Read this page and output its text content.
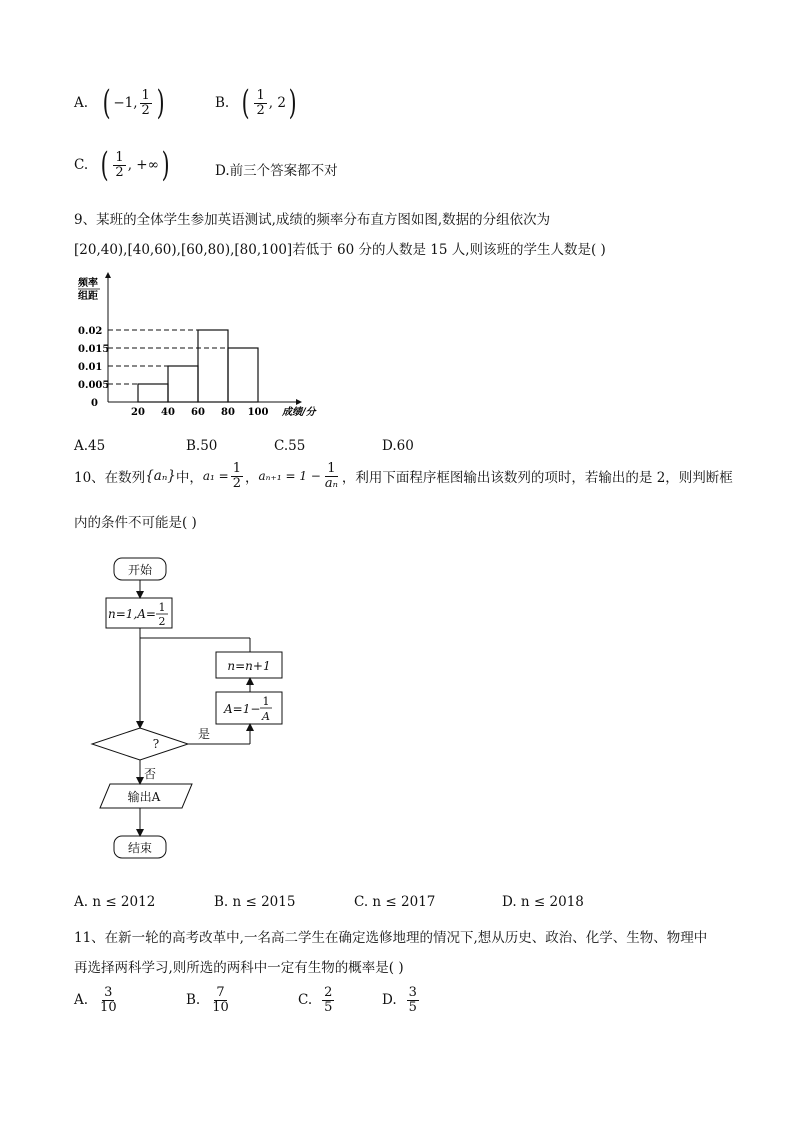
A. ( −1, $\frac{1}{2}$ )	B. ( $\frac{1}{2}$ , 2 )
C. ( $\frac{1}{2}$ , +∞ )	D.前三个答案都不对
9、某班的全体学生参加英语测试,成绩的频率分布直方图如图,数据的分组依次为
[20,40),[40,60),[60,80),[80,100]若低于 60 分的人数是 15 人,则该班的学生人数是( )
频率
组距
0
0.02
0.015
0.01
0.005
20 40 60 80 100 成绩/分
A.45	B.50	C.55	D.60
10、在数列 {aₙ} 中， $a_1 = \frac{1}{2}$ ， $a_{n+1} = 1 - \frac{1}{\text{aₙ}}$ ，利用下面程序框图输出该数列的项时，若输出的是 2，则判断框
内的条件不可能是( )
开始
n=1,A= 1
2
n=n+1
A=1−
1
A
?
是
否
输出A
结束
A. n ≤ 2012	B. n ≤ 2015	C. n ≤ 2017	D. n ≤ 2018
11、在新一轮的高考改革中,一名高二学生在确定选修地理的情况下,想从历史、政治、化学、生物、物理中
再选择两科学习,则所选的两科中一定有生物的概率是( )
A. $\frac{3}{10}$	B. $\frac{7}{10}$	C. $\frac{2}{5}$	D. $\frac{3}{5}$
